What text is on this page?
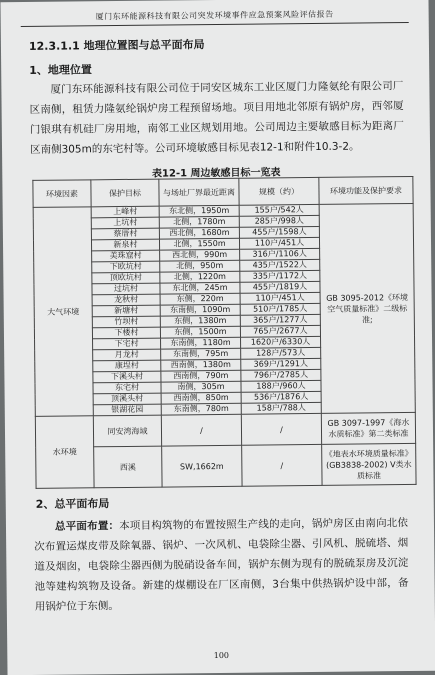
厦门东环能源科技有限公司突发环境事件应急预案风险评估报告
12.3.1.1 地理位置图与总平面布局
1、地理位置
厦门东环能源科技有限公司位于同安区城东工业区厦门力隆氨纶有限公司厂区南侧，租赁力隆氨纶锅炉房工程预留场地。项目用地北邻原有锅炉房，西邻厦门银琪有机硅厂房用地，南邻工业区规划用地。公司周边主要敏感目标为距离厂区南侧305m的东宅村等。公司环境敏感目标见表12-1和附件10.3-2。
表12-1 周边敏感目标一览表
环境因素	保护目标	与场址厂界最近距离	规模（约）	环境功能及保护要求
大气环境	上峰村	东北侧，1950m	155户/542人	GB 3095-2012《环境空气质量标准》二级标准;
	上坑村	北侧，1780m	285户/998人	
	蔡厝村	西北侧，1680m	455户/1598人	
	新泉村	北侧，1550m	110户/451人	
	美珠窟村	西北侧，990m	316户/1106人	
	下欧坑村	北侧，950m	435户/1522人	
	顶欧坑村	北侧，1220m	335户/1172人	
	过坑村	东北侧，245m	455户/1819人	
	龙秋村	东侧，220m	110户/451人	
	新塘村	东南侧，1090m	510户/1785人	
	竹坝村	东侧，1380m	365户/1277人	
	下楼村	东侧，1500m	765户/2677人	
	下宅村	东南侧，1180m	1620户/6330人	
	月龙村	东南侧，795m	128户/573人	
	康埕村	西南侧，1380m	369户/1291人	
	下溪头村	西南侧，790m	796户/2785人	
	东宅村	南侧，305m	188户/960人	
	顶溪头村	西南侧，850m	536户/1876人	
	银湖花园	东南侧，780m	158户/788人	
水环境	同安湾海域	/	/	GB 3097-1997《海水水质标准》第二类标准
	西溪	SW,1662m	/	《地表水环境质量标准》(GB3838-2002) V类水质标准
2、总平面布局
总平面布置：本项目构筑物的布置按照生产线的走向，锅炉房区由南向北依次布置运煤皮带及除氧器、锅炉、一次风机、电袋除尘器、引风机、脱硫塔、烟道及烟囱，电袋除尘器西侧为脱硝设备车间，锅炉东侧为现有的脱硫泵房及沉淀池等建构筑物及设备。新建的煤棚设在厂区南侧，3台集中供热锅炉设中部，备用锅炉位于东侧。
100
